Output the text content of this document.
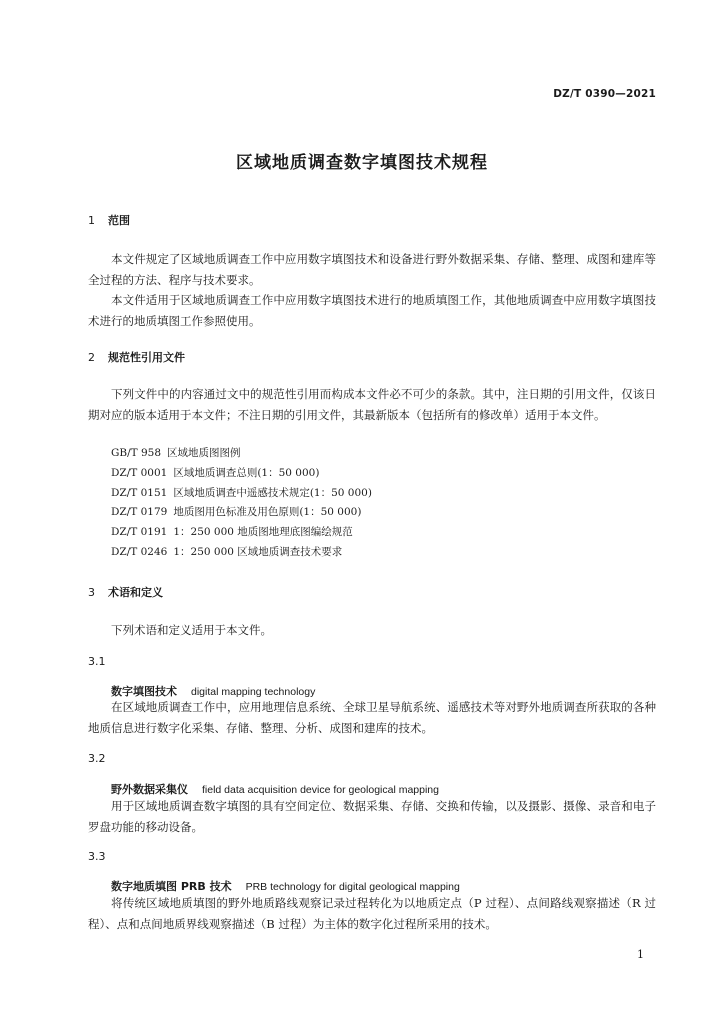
DZ/T 0390—2021
区域地质调查数字填图技术规程
1 范围

本文件规定了区域地质调查工作中应用数字填图技术和设备进行野外数据采集、存储、整理、成图和建库等全过程的方法、程序与技术要求。

本文件适用于区域地质调查工作中应用数字填图技术进行的地质填图工作，其他地质调查中应用数字填图技术进行的地质填图工作参照使用。

2 规范性引用文件

下列文件中的内容通过文中的规范性引用而构成本文件必不可少的条款。其中，注日期的引用文件，仅该日期对应的版本适用于本文件；不注日期的引用文件，其最新版本（包括所有的修改单）适用于本文件。

GB/T 958 区域地质图图例
DZ/T 0001 区域地质调查总则(1：50 000)
DZ/T 0151 区域地质调查中遥感技术规定(1：50 000)
DZ/T 0179 地质图用色标准及用色原则(1：50 000)
DZ/T 0191 1：250 000 地质图地理底图编绘规范
DZ/T 0246 1：250 000 区域地质调查技术要求
3 术语和定义

下列术语和定义适用于本文件。

3.1
数字填图技术 digital mapping technology

在区域地质调查工作中，应用地理信息系统、全球卫星导航系统、遥感技术等对野外地质调查所获取的各种地质信息进行数字化采集、存储、整理、分析、成图和建库的技术。

3.2
野外数据采集仪 field data acquisition device for geological mapping

用于区域地质调查数字填图的具有空间定位、数据采集、存储、交换和传输，以及摄影、摄像、录音和电子罗盘功能的移动设备。

3.3
数字地质填图 PRB 技术 PRB technology for digital geological mapping

将传统区域地质填图的野外地质路线观察记录过程转化为以地质定点（P 过程）、点间路线观察描述（R 过程）、点和点间地质界线观察描述（B 过程）为主体的数字化过程所采用的技术。

1
